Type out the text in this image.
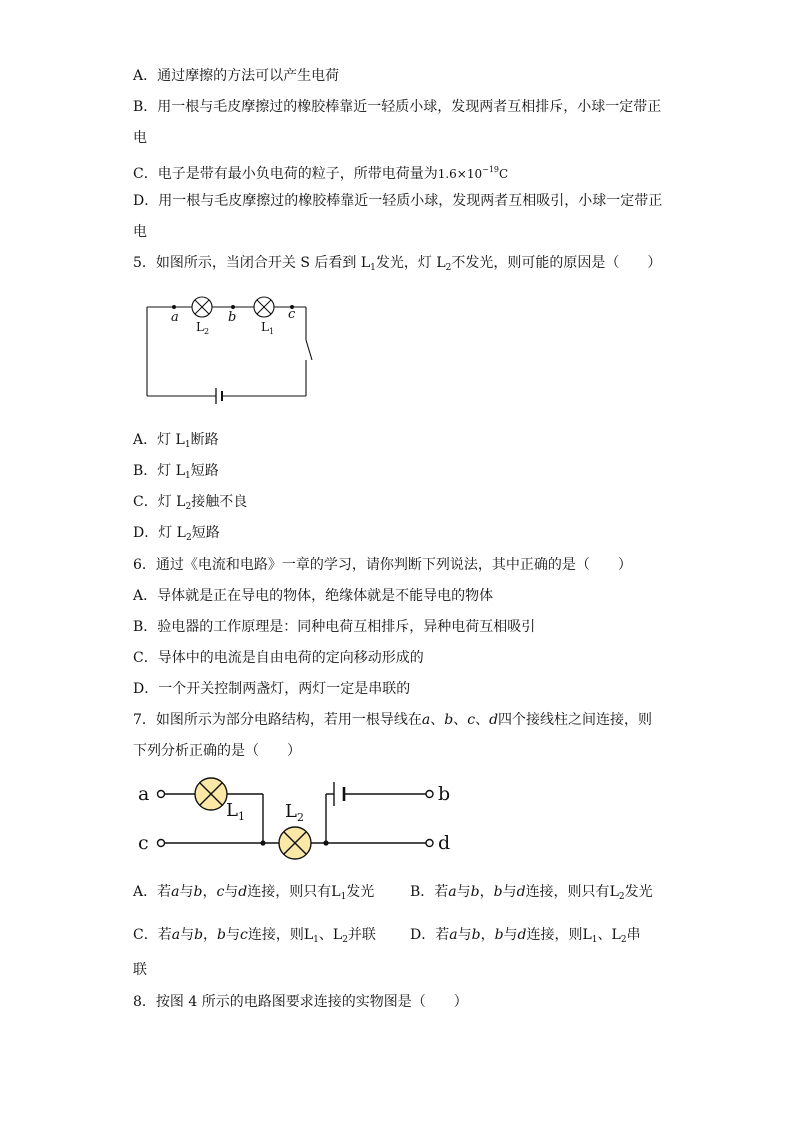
A．通过摩擦的方法可以产生电荷
B．用一根与毛皮摩擦过的橡胶棒靠近一轻质小球，发现两者互相排斥，小球一定带正
电
C．电子是带有最小负电荷的粒子，所带电荷量为$1.6\times 10^{-19}C$
D．用一根与毛皮摩擦过的橡胶棒靠近一轻质小球，发现两者互相吸引，小球一定带正
电
5．如图所示，当闭合开关 S 后看到 $L_1$发光，灯 $L_2$不发光，则可能的原因是（　　）
a	b	c
$L_2$	$L_1$
A．灯 $L_1$断路
B．灯 $L_1$短路
C．灯 $L_2$接触不良
D．灯 $L_2$短路
6．通过《电流和电路》一章的学习，请你判断下列说法，其中正确的是（　　）
A．导体就是正在导电的物体，绝缘体就是不能导电的物体
B．验电器的工作原理是：同种电荷互相排斥，异种电荷互相吸引
C．导体中的电流是自由电荷的定向移动形成的
D．一个开关控制两盏灯，两灯一定是串联的
7．如图所示为部分电路结构，若用一根导线在a、b、c、d四个接线柱之间连接，则
下列分析正确的是（　　）
a
c
b
d
$L_1$ $L_2$
A．若a与b，c与d连接，则只有$L_1$发光	B．若a与b，b与d连接，则只有$L_2$发光
C．若a与b，b与c连接，则$L_1$、$L_2$并联 D．若a与b，b与d连接，则$L_1$、$L_2$串
联
8．按图 4 所示的电路图要求连接的实物图是（　　）
